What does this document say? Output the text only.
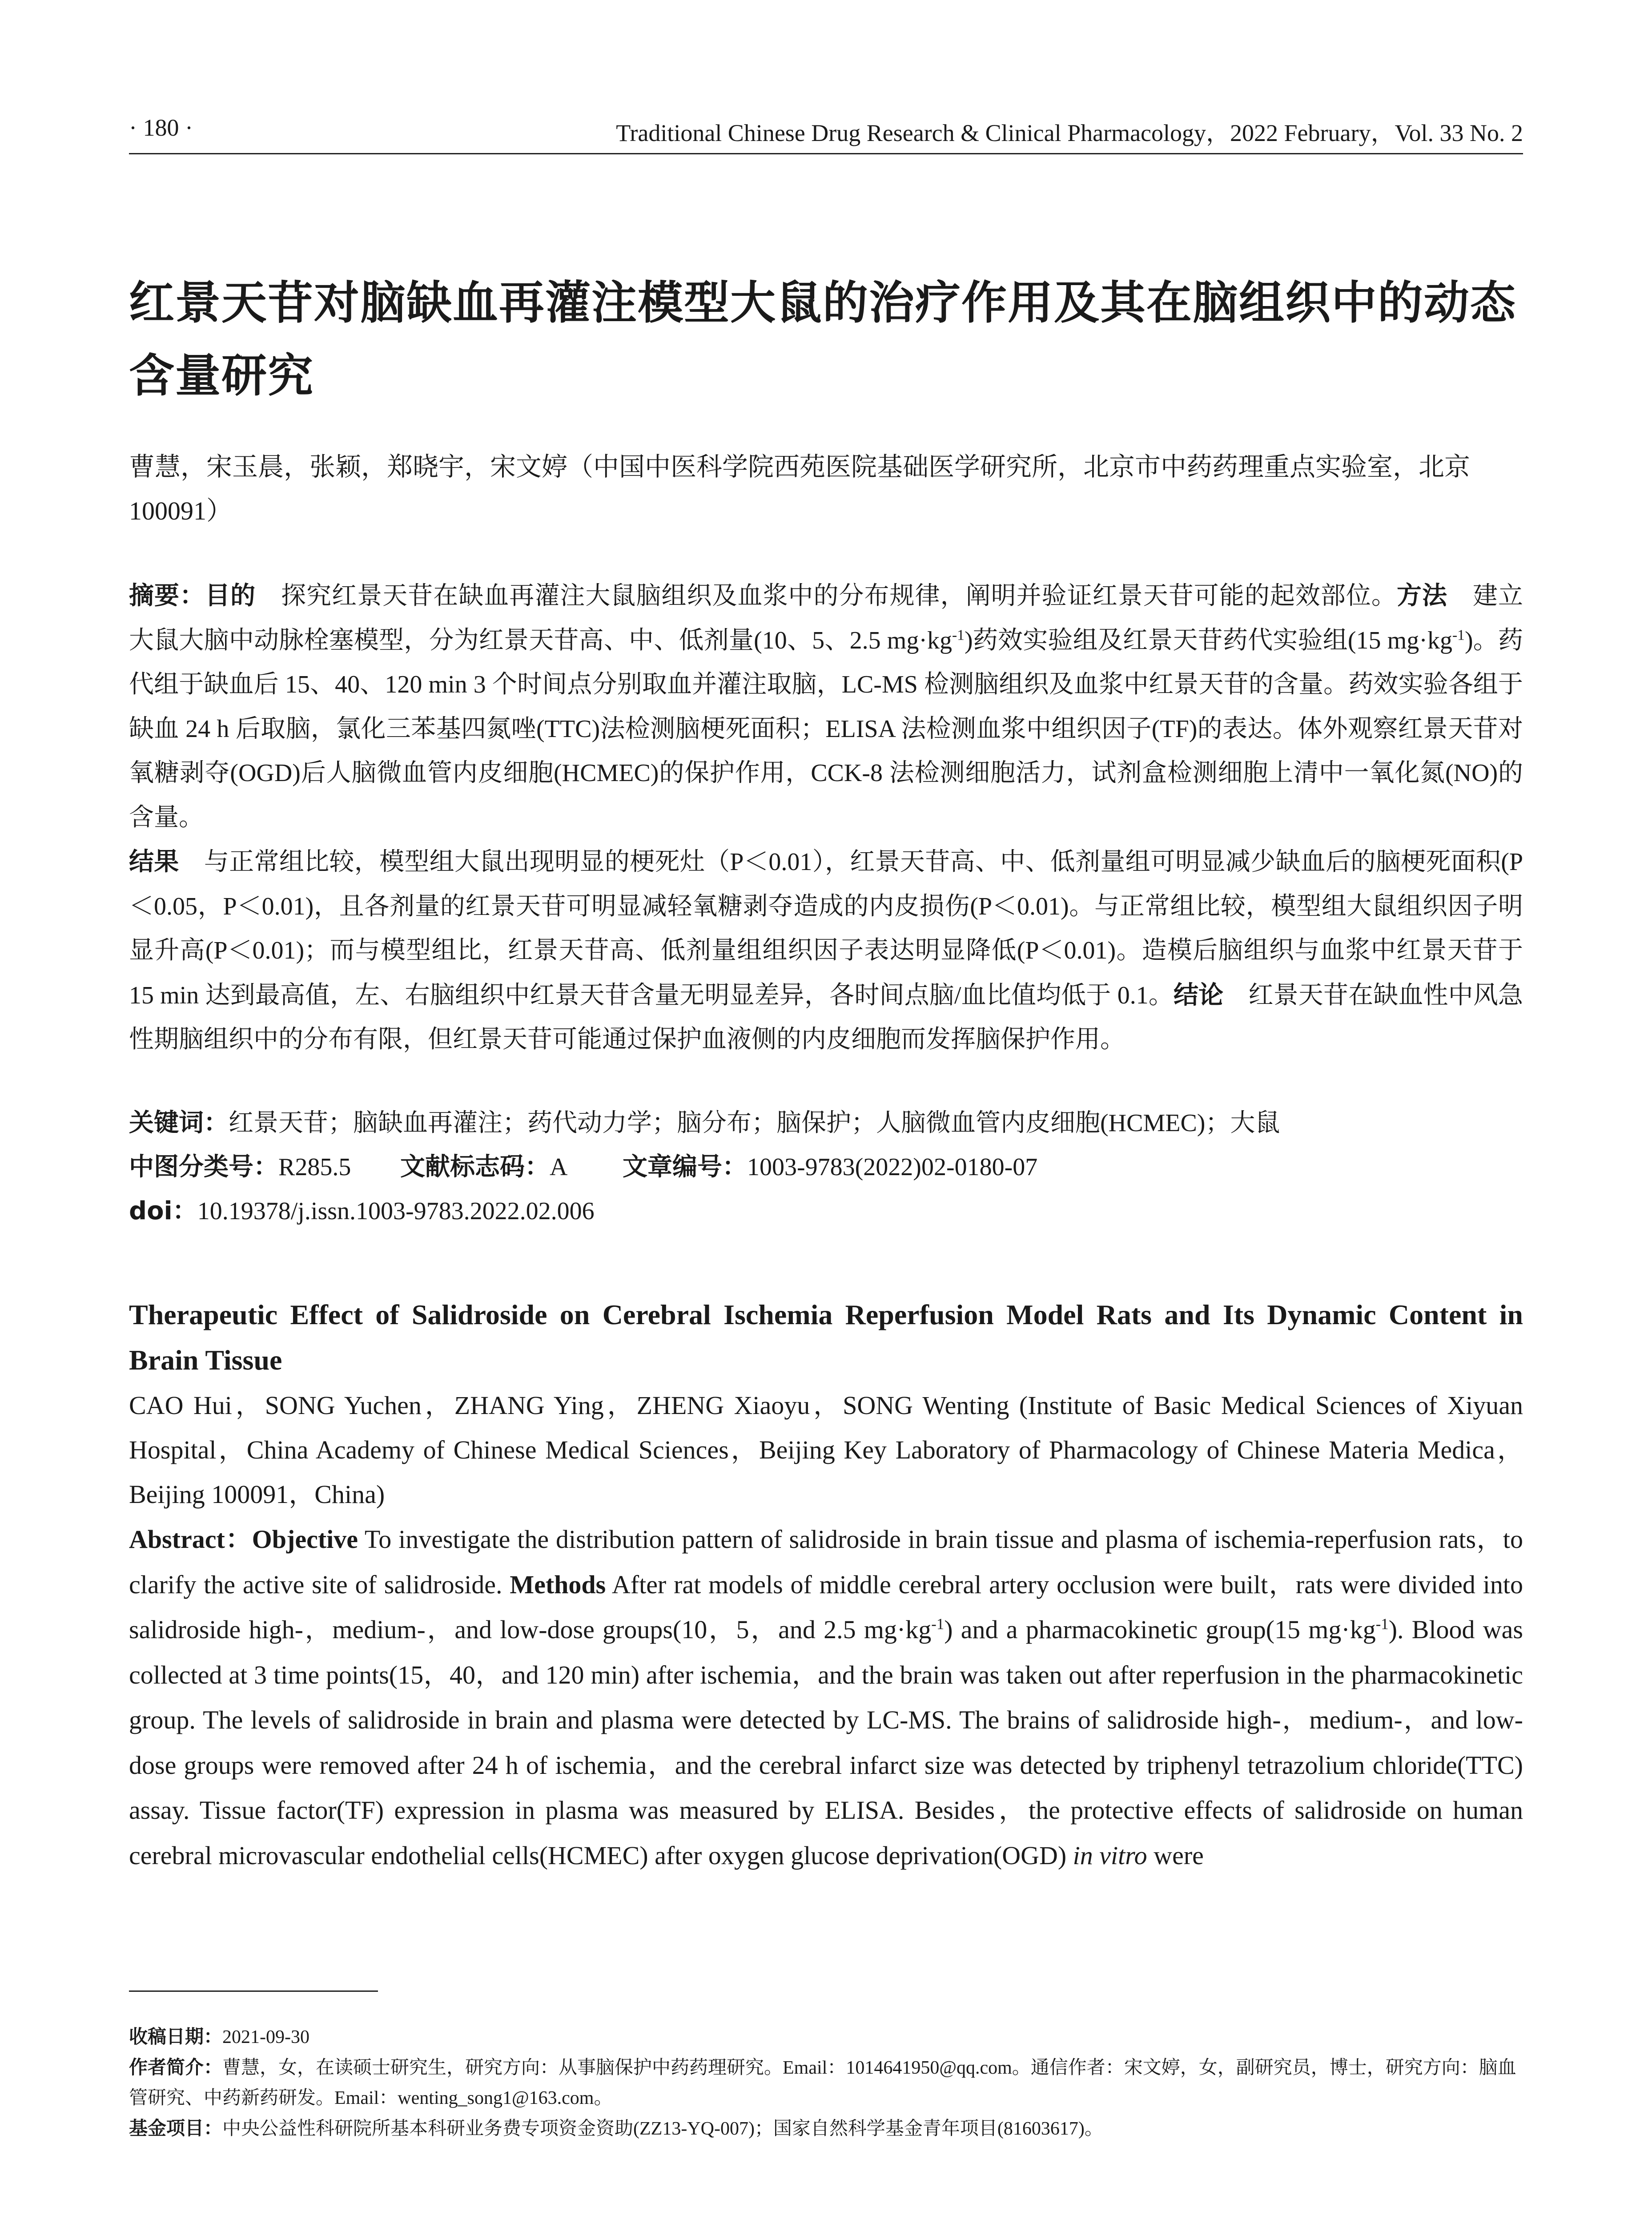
· 180 ·	Traditional Chinese Drug Research & Clinical Pharmacology，2022 February，Vol. 33 No. 2
红景天苷对脑缺血再灌注模型大鼠的治疗作用及其在脑组织中的动态含量研究
曹慧，宋玉晨，张颖，郑晓宇，宋文婷（中国中医科学院西苑医院基础医学研究所，北京市中药药理重点实验室，北京 100091）

摘要：目的 探究红景天苷在缺血再灌注大鼠脑组织及血浆中的分布规律，阐明并验证红景天苷可能的起效部位。方法 建立大鼠大脑中动脉栓塞模型，分为红景天苷高、中、低剂量(10、5、2.5 $mg\cdot kg^{-1}$)药效实验组及红景天苷药代实验组(15 $mg\cdot kg^{-1}$)。药代组于缺血后 15、40、120 min 3 个时间点分别取血并灌注取脑，LC-MS 检测脑组织及血浆中红景天苷的含量。药效实验各组于缺血 24 h 后取脑，氯化三苯基四氮唑(TTC)法检测脑梗死面积；ELISA 法检测血浆中组织因子(TF)的表达。体外观察红景天苷对氧糖剥夺(OGD)后人脑微血管内皮细胞(HCMEC)的保护作用，CCK-8 法检测细胞活力，试剂盒检测细胞上清中一氧化氮(NO)的含量。

结果 与正常组比较，模型组大鼠出现明显的梗死灶（P＜0.01），红景天苷高、中、低剂量组可明显减少缺血后的脑梗死面积(P＜0.05，P＜0.01)，且各剂量的红景天苷可明显减轻氧糖剥夺造成的内皮损伤(P＜0.01)。与正常组比较，模型组大鼠组织因子明显升高(P＜0.01)；而与模型组比，红景天苷高、低剂量组组织因子表达明显降低(P＜0.01)。造模后脑组织与血浆中红景天苷于 15 min 达到最高值，左、右脑组织中红景天苷含量无明显差异，各时间点脑/血比值均低于 0.1。结论 红景天苷在缺血性中风急性期脑组织中的分布有限，但红景天苷可能通过保护血液侧的内皮细胞而发挥脑保护作用。

关键词：红景天苷；脑缺血再灌注；药代动力学；脑分布；脑保护；人脑微血管内皮细胞(HCMEC)；大鼠
中图分类号：R285.5 文献标志码：A 文章编号：1003-9783(2022)02-0180-07
doi：10.19378/j.issn.1003-9783.2022.02.006
Therapeutic Effect of Salidroside on Cerebral Ischemia Reperfusion Model Rats and Its Dynamic Content in Brain Tissue
CAO Hui，SONG Yuchen，ZHANG Ying，ZHENG Xiaoyu，SONG Wenting (Institute of Basic Medical Sciences of Xiyuan Hospital，China Academy of Chinese Medical Sciences，Beijing Key Laboratory of Pharmacology of Chinese Materia Medica，Beijing 100091，China)
Abstract：Objective To investigate the distribution pattern of salidroside in brain tissue and plasma of ischemia-reperfusion rats，to clarify the active site of salidroside. Methods After rat models of middle cerebral artery occlusion were built，rats were divided into salidroside high-，medium-，and low-dose groups(10，5，and 2.5 $mg\cdot kg^{-1}$) and a pharmacokinetic group(15 $mg\cdot kg^{-1}$). Blood was collected at 3 time points(15，40，and 120 min) after ischemia，and the brain was taken out after reperfusion in the pharmacokinetic group. The levels of salidroside in brain and plasma were detected by LC-MS. The brains of salidroside high-，medium-，and low-dose groups were removed after 24 h of ischemia，and the cerebral infarct size was detected by triphenyl tetrazolium chloride(TTC) assay. Tissue factor(TF) expression in plasma was measured by ELISA. Besides，the protective effects of salidroside on human cerebral microvascular endothelial cells(HCMEC) after oxygen glucose deprivation(OGD) in vitro were

收稿日期：2021-09-30

作者简介：曹慧，女，在读硕士研究生，研究方向：从事脑保护中药药理研究。Email：1014641950@qq.com。通信作者：宋文婷，女，副研究员，博士，研究方向：脑血管研究、中药新药研发。Email：wenting_song1@163.com。

基金项目：中央公益性科研院所基本科研业务费专项资金资助(ZZ13-YQ-007)；国家自然科学基金青年项目(81603617)。
